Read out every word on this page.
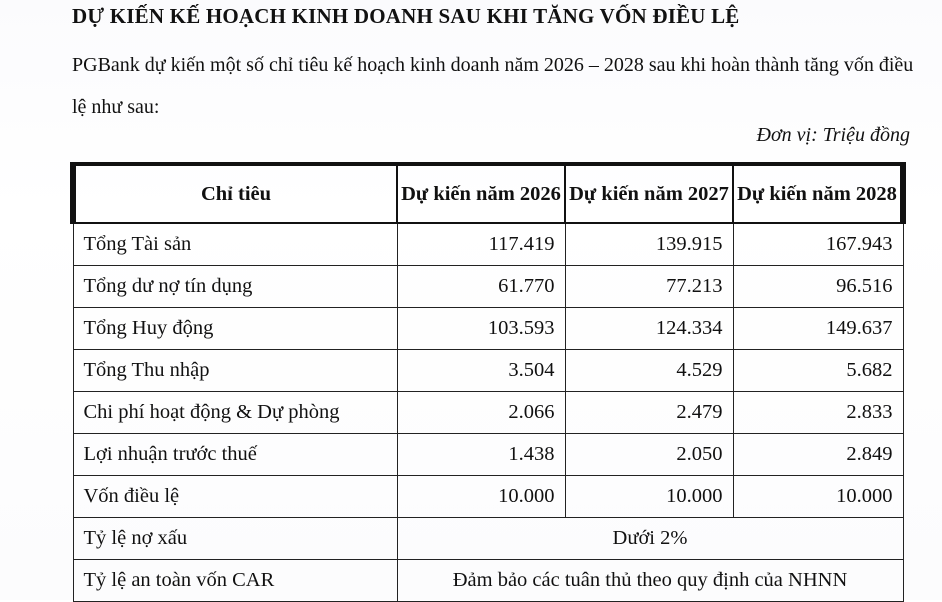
DỰ KIẾN KẾ HOẠCH KINH DOANH SAU KHI TĂNG VỐN ĐIỀU LỆ
PGBank dự kiến một số chỉ tiêu kế hoạch kinh doanh năm 2026 – 2028 sau khi hoàn thành tăng vốn điều lệ như sau:
Đơn vị: Triệu đồng
Chỉ tiêu	Dự kiến năm 2026	Dự kiến năm 2027	Dự kiến năm 2028
Tổng Tài sản	117.419	139.915	167.943
Tổng dư nợ tín dụng	61.770	77.213	96.516
Tổng Huy động	103.593	124.334	149.637
Tổng Thu nhập	3.504	4.529	5.682
Chi phí hoạt động & Dự phòng	2.066	2.479	2.833
Lợi nhuận trước thuế	1.438	2.050	2.849
Vốn điều lệ	10.000	10.000	10.000
Tỷ lệ nợ xấu	Dưới 2%		
Tỷ lệ an toàn vốn CAR	Đảm bảo các tuân thủ theo quy định của NHNN		
